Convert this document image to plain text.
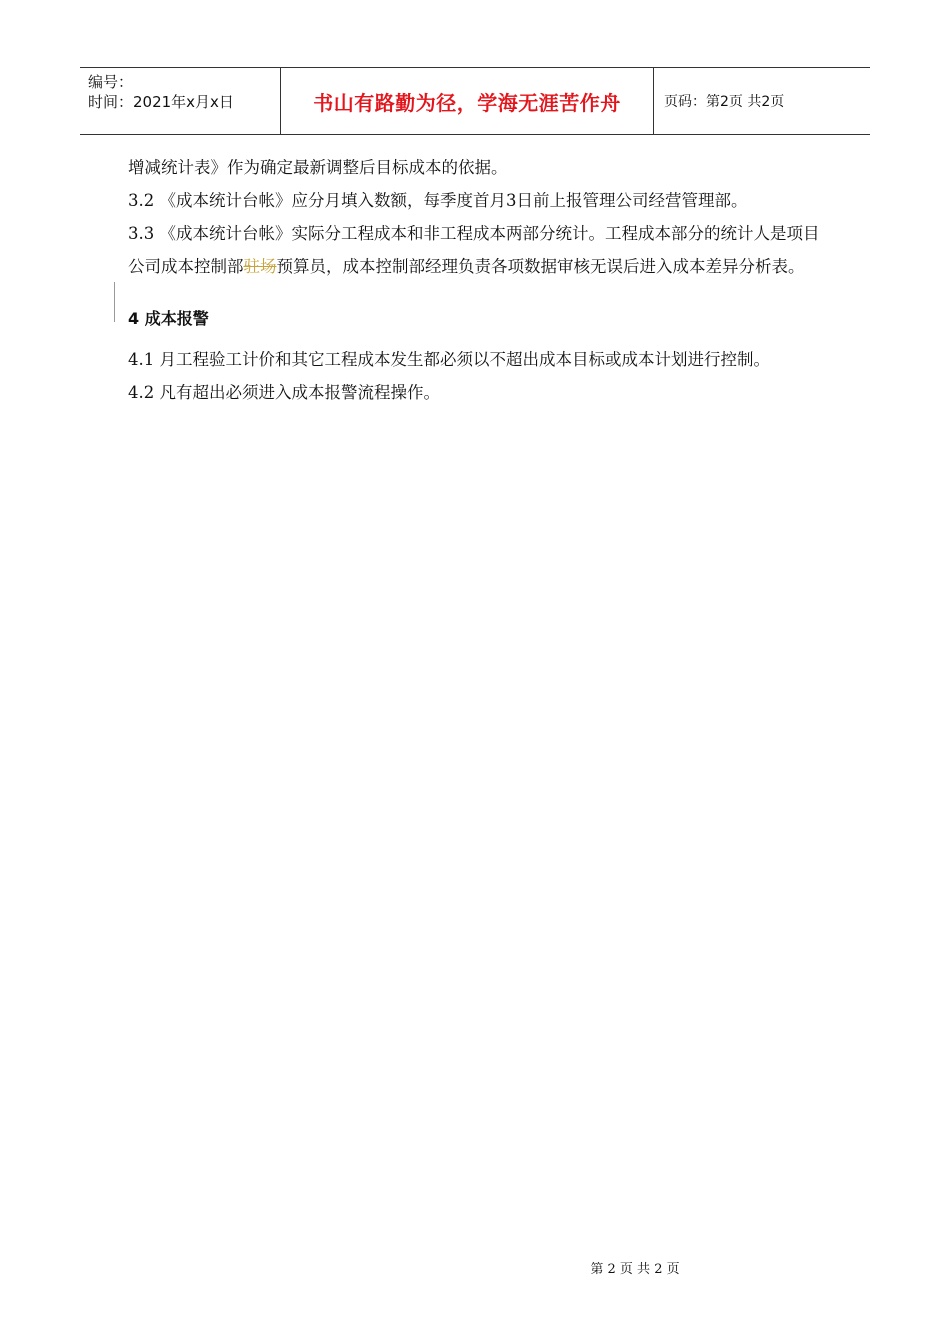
编号：
时间：2021年x月x日	书山有路勤为径，学海无涯苦作舟	页码：第2页 共2页

增减统计表》作为确定最新调整后目标成本的依据。

3.2 《成本统计台帐》应分月填入数额，每季度首月3日前上报管理公司经营管理部。

3.3 《成本统计台帐》实际分工程成本和非工程成本两部分统计。工程成本部分的统计人是项目公司成本控制部驻场预算员，成本控制部经理负责各项数据审核无误后进入成本差异分析表。

4 成本报警

4.1 月工程验工计价和其它工程成本发生都必须以不超出成本目标或成本计划进行控制。

4.2 凡有超出必须进入成本报警流程操作。

第 2 页 共 2 页
